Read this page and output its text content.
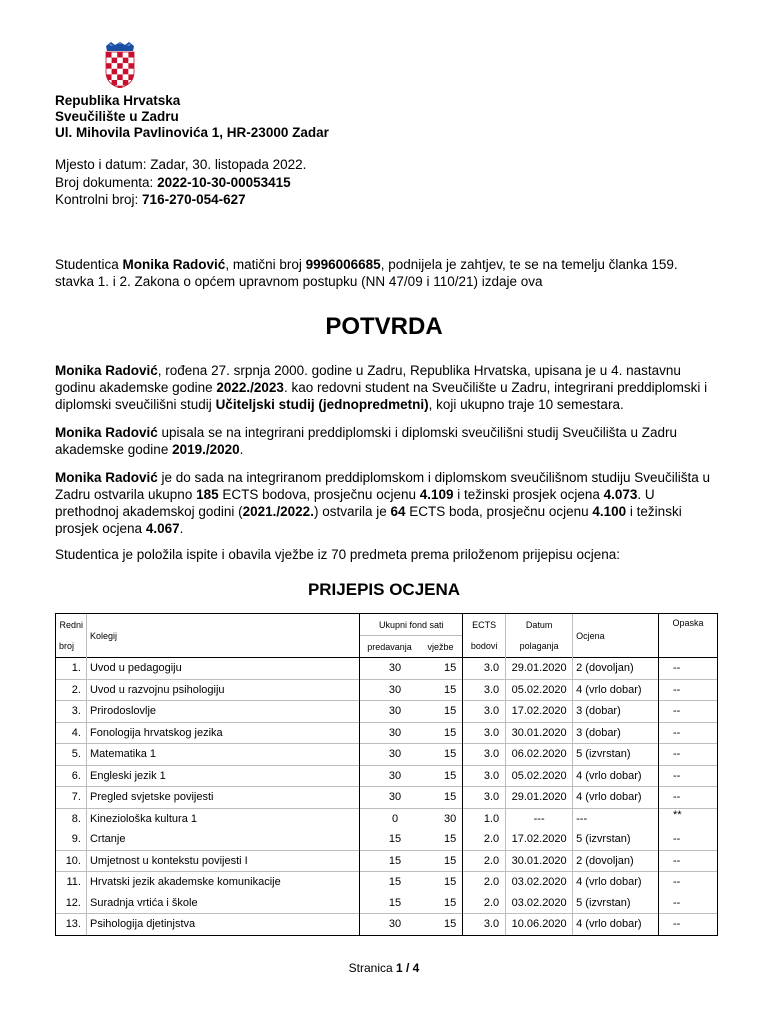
Republika Hrvatska
Sveučilište u Zadru
Ul. Mihovila Pavlinovića 1, HR-23000 Zadar
Mjesto i datum: Zadar, 30. listopada 2022.
Broj dokumenta: 2022-10-30-00053415
Kontrolni broj: 716-270-054-627
Studentica Monika Radović, matični broj 9996006685, podnijela je zahtjev, te se na temelju članka 159. stavka 1. i 2. Zakona o općem upravnom postupku (NN 47/09 i 110/21) izdaje ova
POTVRDA
Monika Radović, rođena 27. srpnja 2000. godine u Zadru, Republika Hrvatska, upisana je u 4. nastavnu godinu akademske godine 2022./2023. kao redovni student na Sveučilište u Zadru, integrirani preddiplomski i diplomski sveučilišni studij Učiteljski studij (jednopredmetni), koji ukupno traje 10 semestara.
Monika Radović upisala se na integrirani preddiplomski i diplomski sveučilišni studij Sveučilišta u Zadru akademske godine 2019./2020.
Monika Radović je do sada na integriranom preddiplomskom i diplomskom sveučilišnom studiju Sveučilišta u Zadru ostvarila ukupno 185 ECTS bodova, prosječnu ocjenu 4.109 i težinski prosjek ocjena 4.073. U prethodnoj akademskoj godini (2021./2022.) ostvarila je 64 ECTS boda, prosječnu ocjenu 4.100 i težinski prosjek ocjena 4.067.
Studentica je položila ispite i obavila vježbe iz 70 predmeta prema priloženom prijepisu ocjena:
PRIJEPIS OCJENA
Redni	Kolegij	Ukupni fond sati		ECTS	Datum	Ocjena	Opaska
broj		predavanja	vježbe	bodovi	polaganja		
1.	Uvod u pedagogiju	30	15	3.0	29.01.2020	2 (dovoljan)	--
2.	Uvod u razvojnu psihologiju	30	15	3.0	05.02.2020	4 (vrlo dobar)	--
3.	Prirodoslovlje	30	15	3.0	17.02.2020	3 (dobar)	--
4.	Fonologija hrvatskog jezika	30	15	3.0	30.01.2020	3 (dobar)	--
5.	Matematika 1	30	15	3.0	06.02.2020	5 (izvrstan)	--
6.	Engleski jezik 1	30	15	3.0	05.02.2020	4 (vrlo dobar)	--
7.	Pregled svjetske povijesti	30	15	3.0	29.01.2020	4 (vrlo dobar)	--
8.	Kineziološka kultura 1	0	30	1.0	---	---	**
9.	Crtanje	15	15	2.0	17.02.2020	5 (izvrstan)	--
10.	Umjetnost u kontekstu povijesti I	15	15	2.0	30.01.2020	2 (dovoljan)	--
11.	Hrvatski jezik akademske komunikacije	15	15	2.0	03.02.2020	4 (vrlo dobar)	--
12.	Suradnja vrtića i škole	15	15	2.0	03.02.2020	5 (izvrstan)	--
13.	Psihologija djetinjstva	30	15	3.0	10.06.2020	4 (vrlo dobar)	--
Stranica 1 / 4
